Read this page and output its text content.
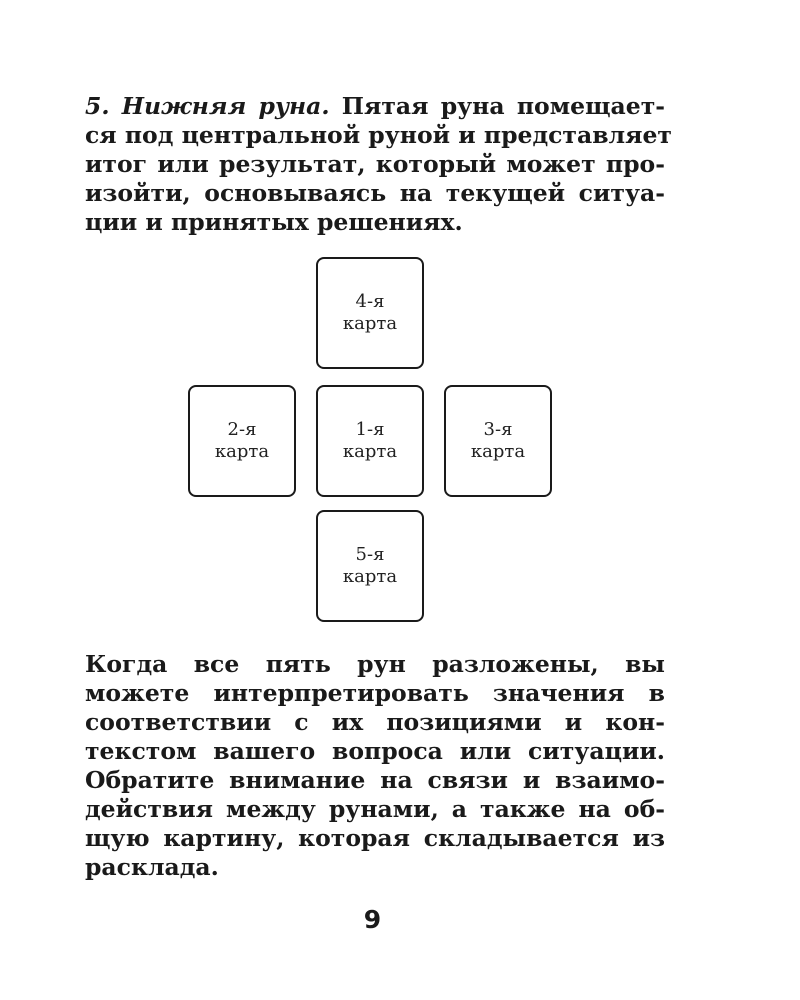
5. Нижняя руна. Пятая руна помещает-
ся под центральной руной и представляет
итог или результат, который может про-
изойти, основываясь на текущей ситуа-
ции и принятых решениях.
4-я
карта
2-я
карта
1-я
карта
3-я
карта
5-я
карта
Когда все пять рун разложены, вы
можете интерпретировать значения в
соответствии с их позициями и кон-
текстом вашего вопроса или ситуации.
Обратите внимание на связи и взаимо-
действия между рунами, а также на об-
щую картину, которая складывается из
расклада.
9
